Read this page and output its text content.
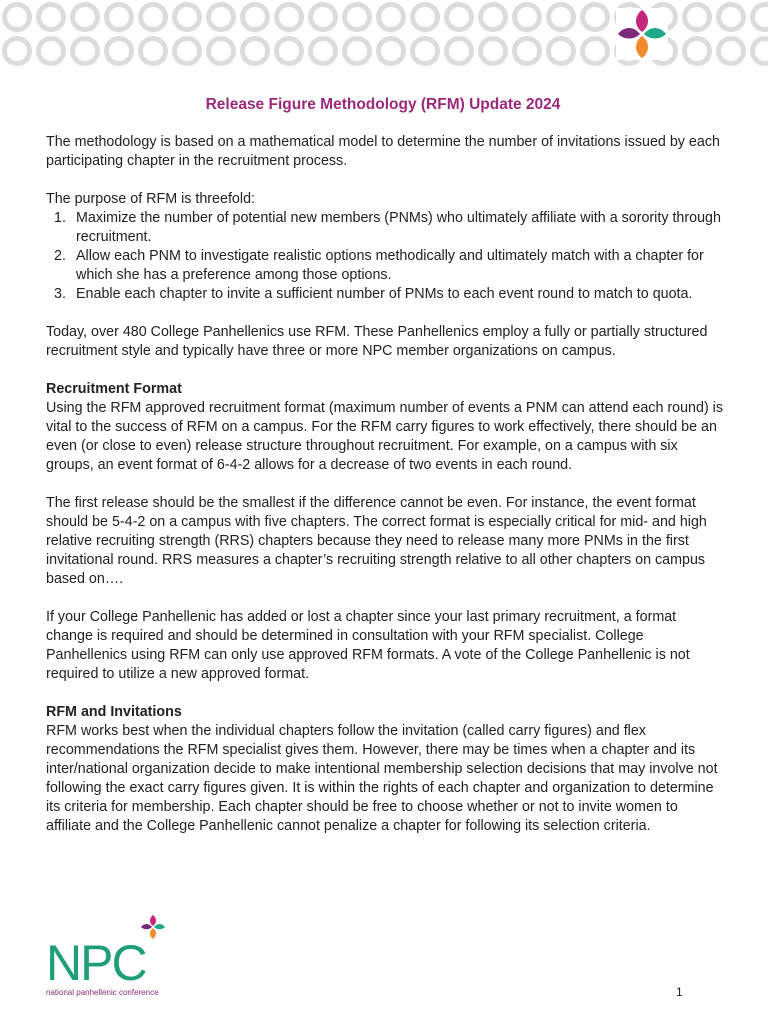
Release Figure Methodology (RFM) Update 2024

The methodology is based on a mathematical model to determine the number of invitations issued by each participating chapter in the recruitment process.

The purpose of RFM is threefold:

1. Maximize the number of potential new members (PNMs) who ultimately affiliate with a sorority through recruitment.
2. Allow each PNM to investigate realistic options methodically and ultimately match with a chapter for which she has a preference among those options.
3. Enable each chapter to invite a sufficient number of PNMs to each event round to match to quota.

Today, over 480 College Panhellenics use RFM. These Panhellenics employ a fully or partially structured recruitment style and typically have three or more NPC member organizations on campus.

Recruitment Format

Using the RFM approved recruitment format (maximum number of events a PNM can attend each round) is vital to the success of RFM on a campus. For the RFM carry figures to work effectively, there should be an even (or close to even) release structure throughout recruitment. For example, on a campus with six groups, an event format of 6-4-2 allows for a decrease of two events in each round.

The first release should be the smallest if the difference cannot be even. For instance, the event format should be 5-4-2 on a campus with five chapters. The correct format is especially critical for mid- and high relative recruiting strength (RRS) chapters because they need to release many more PNMs in the first invitational round. RRS measures a chapter’s recruiting strength relative to all other chapters on campus based on….

If your College Panhellenic has added or lost a chapter since your last primary recruitment, a format change is required and should be determined in consultation with your RFM specialist. College Panhellenics using RFM can only use approved RFM formats. A vote of the College Panhellenic is not required to utilize a new approved format.

RFM and Invitations

RFM works best when the individual chapters follow the invitation (called carry figures) and flex recommendations the RFM specialist gives them. However, there may be times when a chapter and its inter/national organization decide to make intentional membership selection decisions that may involve not following the exact carry figures given. It is within the rights of each chapter and organization to determine its criteria for membership. Each chapter should be free to choose whether or not to invite women to affiliate and the College Panhellenic cannot penalize a chapter for following its selection criteria.

NPC
national panhellenic conference	1
